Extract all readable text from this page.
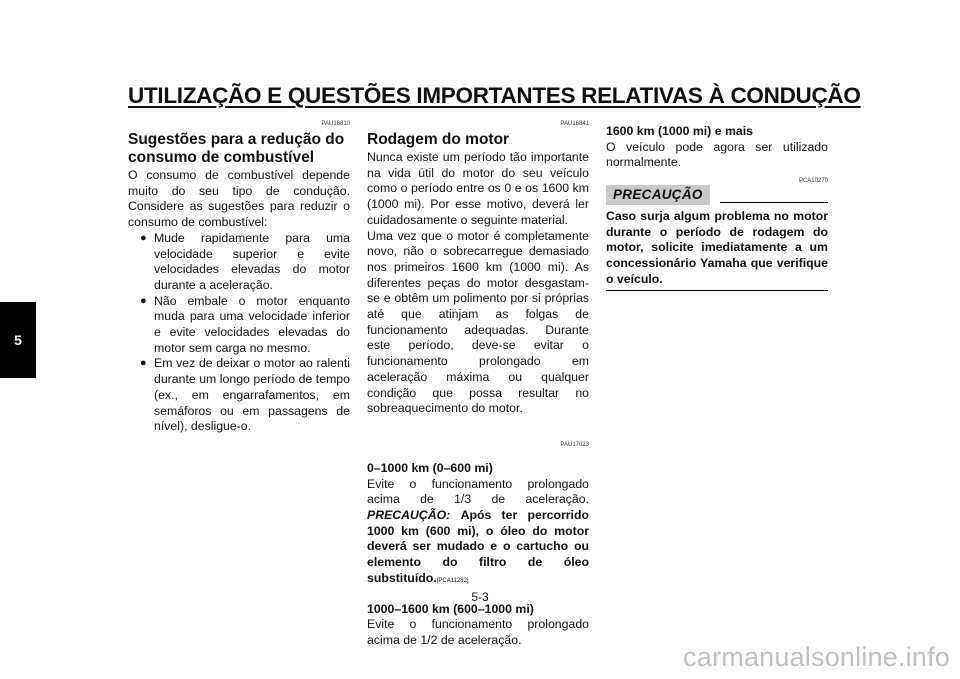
UTILIZAÇÃO E QUESTÕES IMPORTANTES RELATIVAS À CONDUÇÃO
5
PAU16810
Sugestões para a redução do consumo de combustível
O consumo de combustível depende muito do seu tipo de condução. Considere as sugestões para reduzir o consumo de combustível:
● Mude rapidamente para uma velocidade superior e evite velocidades elevadas do motor durante a aceleração.
● Não embale o motor enquanto muda para uma velocidade inferior e evite velocidades elevadas do motor sem carga no mesmo.
● Em vez de deixar o motor ao ralenti durante um longo período de tempo (ex., em engarrafamentos, em semáforos ou em passagens de nível), desligue-o.
PAU16841
Rodagem do motor
Nunca existe um período tão importante na vida útil do motor do seu veículo como o período entre os 0 e os 1600 km (1000 mi). Por esse motivo, deverá ler cuidadosamente o seguinte material.
Uma vez que o motor é completamente novo, não o sobrecarregue demasiado nos primeiros 1600 km (1000 mi). As diferentes peças do motor desgastam-se e obtêm um polimento por si próprias até que atinjam as folgas de funcionamento adequadas. Durante este período, deve-se evitar o funcionamento prolongado em aceleração máxima ou qualquer condição que possa resultar no sobreaquecimento do motor.
PAU17023
0–1000 km (0–600 mi)
Evite o funcionamento prolongado acima de 1/3 de aceleração. PRECAUÇÃO: Após ter percorrido 1000 km (600 mi), o óleo do motor deverá ser mudado e o cartucho ou elemento do filtro de óleo substituído.[PCA11282]
1000–1600 km (600–1000 mi)
Evite o funcionamento prolongado acima de 1/2 de aceleração.
1600 km (1000 mi) e mais
O veículo pode agora ser utilizado normalmente.
PCA10270
PRECAUÇÃO
Caso surja algum problema no motor durante o período de rodagem do motor, solicite imediatamente a um concessionário Yamaha que verifique o veículo.
5-3
carmanualsonline.info
